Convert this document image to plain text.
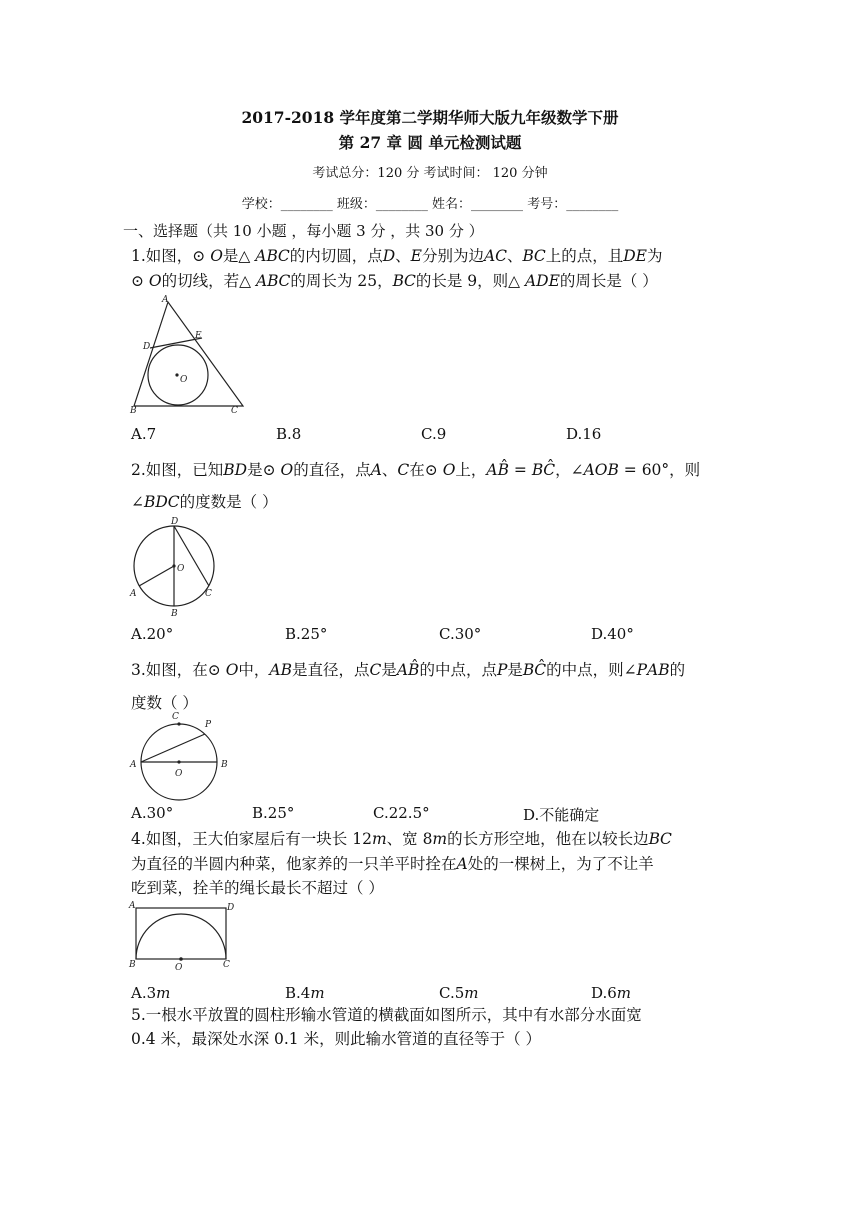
2017-2018 学年度第二学期华师大版九年级数学下册
第 27 章 圆 单元检测试题
考试总分：120 分 考试时间： 120 分钟
学校：________ 班级：________ 姓名：________ 考号：________
一、选择题（共 10 小题 ，每小题 3 分 ，共 30 分 ）
1.如图，⊙ 𝑂是△ 𝐴𝐵𝐶的内切圆，点𝐷、𝐸分别为边𝐴𝐶、𝐵𝐶上的点，且𝐷𝐸为
⊙ 𝑂的切线，若△ 𝐴𝐵𝐶的周长为 25，𝐵𝐶的长是 9，则△ 𝐴𝐷𝐸的周长是（ ）
A
D
E
O
B	C
A.7	B.8	C.9	D.16
2.如图，已知𝐵𝐷是⊙ 𝑂的直径，点𝐴、𝐶在⊙ 𝑂上，𝐴𝐵̂ = 𝐵𝐶̂，∠𝐴𝑂𝐵 = 60°，则
∠𝐵𝐷𝐶的度数是（ ）
D
O
A	C
B
A.20°	B.25°	C.30°	D.40°
3.如图，在⊙ 𝑂中，𝐴𝐵是直径，点𝐶是𝐴𝐵̂的中点，点𝑃是𝐵𝐶̂的中点，则∠𝑃𝐴𝐵的
度数（ ）
C
P
A
O
B
A.30°	B.25°	C.22.5°	D.不能确定
4.如图，王大伯家屋后有一块长 12𝑚、宽 8𝑚的长方形空地，他在以较长边𝐵𝐶
为直径的半圆内种菜，他家养的一只羊平时拴在𝐴处的一棵树上，为了不让羊
吃到菜，拴羊的绳长最长不超过（ ）
A	D
B	O	C
A.3𝑚	B.4𝑚	C.5𝑚	D.6𝑚
5.一根水平放置的圆柱形输水管道的横截面如图所示，其中有水部分水面宽
0.4 米，最深处水深 0.1 米，则此输水管道的直径等于（ ）
